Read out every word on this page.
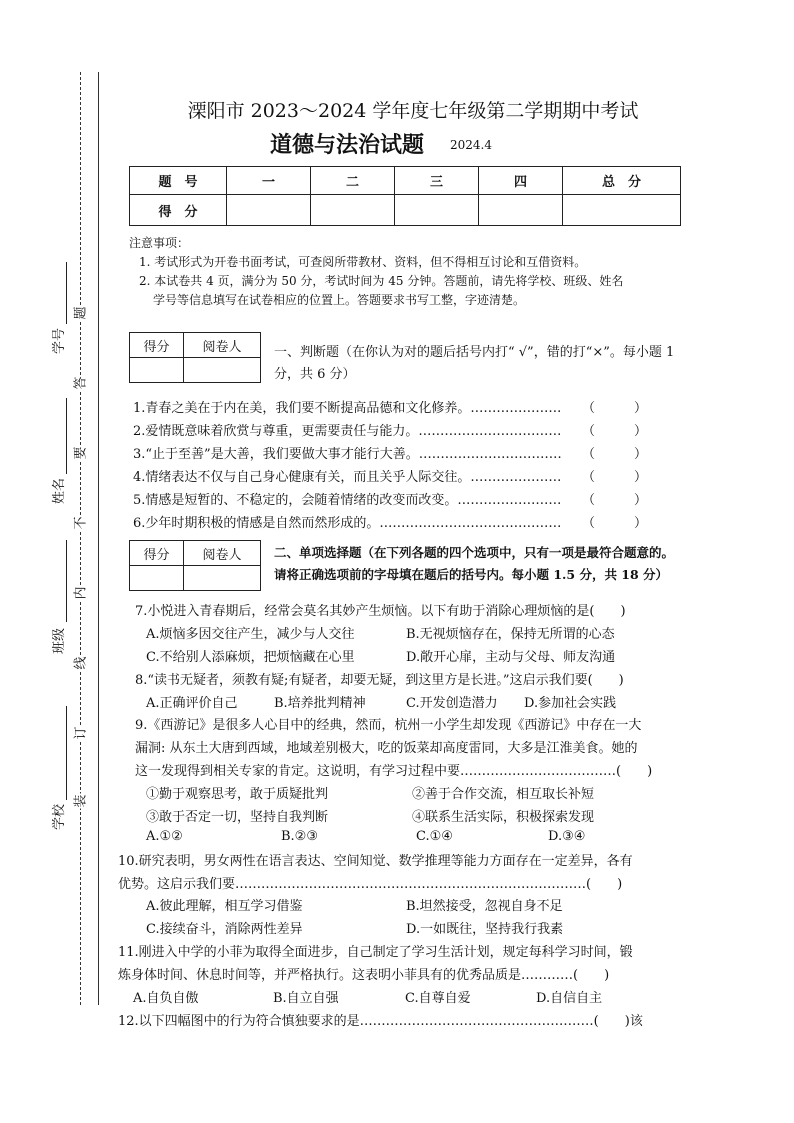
题
答
要
不
内
线
订
装
学号
姓名
班级
学校
溧阳市 2023～2024 学年度七年级第二学期期中考试
道德与法治试题 2024.4
题　号	一	二	三	四	总　分
得　分					
注意事项：
1. 考试形式为开卷书面考试，可查阅所带教材、资料，但不得相互讨论和互借资料。
2. 本试卷共 4 页，满分为 50 分，考试时间为 45 分钟。答题前，请先将学校、班级、姓名
学号等信息填写在试卷相应的位置上。答题要求书写工整，字迹清楚。
得分	阅卷人
		一、判断题（在你认为对的题后括号内打“ √”，错的打“×”。每小题 1
分，共 6 分）
1.青春之美在于内在美，我们要不断提高品德和文化修养。………………… （　　　）
2.爱情既意味着欣赏与尊重，更需要责任与能力。…………………………… （　　　）
3.“止于至善”是大善，我们要做大事才能行大善。…………………………… （　　　）
4.情绪表达不仅与自己身心健康有关，而且关乎人际交往。………………… （　　　）
5.情感是短暂的、不稳定的，会随着情绪的改变而改变。…………………… （　　　）
6.少年时期积极的情感是自然而然形成的。…………………………………… （　　　）
得分	阅卷人
		二、单项选择题（在下列各题的四个选项中，只有一项是最符合题意的。
请将正确选项前的字母填在题后的括号内。每小题 1.5 分，共 18 分）
7.小悦进入青春期后，经常会莫名其妙产生烦恼。以下有助于消除心理烦恼的是(　　)
A.烦恼多因交往产生，减少与人交往	B.无视烦恼存在，保持无所谓的心态
C.不给别人添麻烦，把烦恼藏在心里	D.敞开心扉，主动与父母、师友沟通
8.“读书无疑者，须教有疑;有疑者，却要无疑，到这里方是长进。”这启示我们要(　　)
A.正确评价自己	B.培养批判精神	C.开发创造潜力 D.参加社会实践
9.《西游记》是很多人心目中的经典，然而，杭州一小学生却发现《西游记》中存在一大
漏洞: 从东土大唐到西域，地域差别极大，吃的饭菜却高度雷同，大多是江淮美食。她的
这一发现得到相关专家的肯定。这说明，有学习过程中要………………………………(　　)
①勤于观察思考，敢于质疑批判	②善于合作交流，相互取长补短
③敢于否定一切，坚持自我判断	④联系生活实际，积极探索发现
A.①②	B.②③	C.①④	D.③④
10.研究表明，男女两性在语言表达、空间知觉、数学推理等能力方面存在一定差异，各有
优势。这启示我们要………………………………………………………………………(　　)
A.彼此理解，相互学习借鉴	B.坦然接受，忽视自身不足
C.接续奋斗，消除两性差异	D.一如既往，坚持我行我素
11.刚进入中学的小菲为取得全面进步，自己制定了学习生活计划，规定每科学习时间，锻
炼身体时间、休息时间等，并严格执行。这表明小菲具有的优秀品质是…………(　　)
A.自负自傲	B.自立自强	C.自尊自爱	D.自信自主
12.以下四幅图中的行为符合慎独要求的是………………………………………………(　　)该
